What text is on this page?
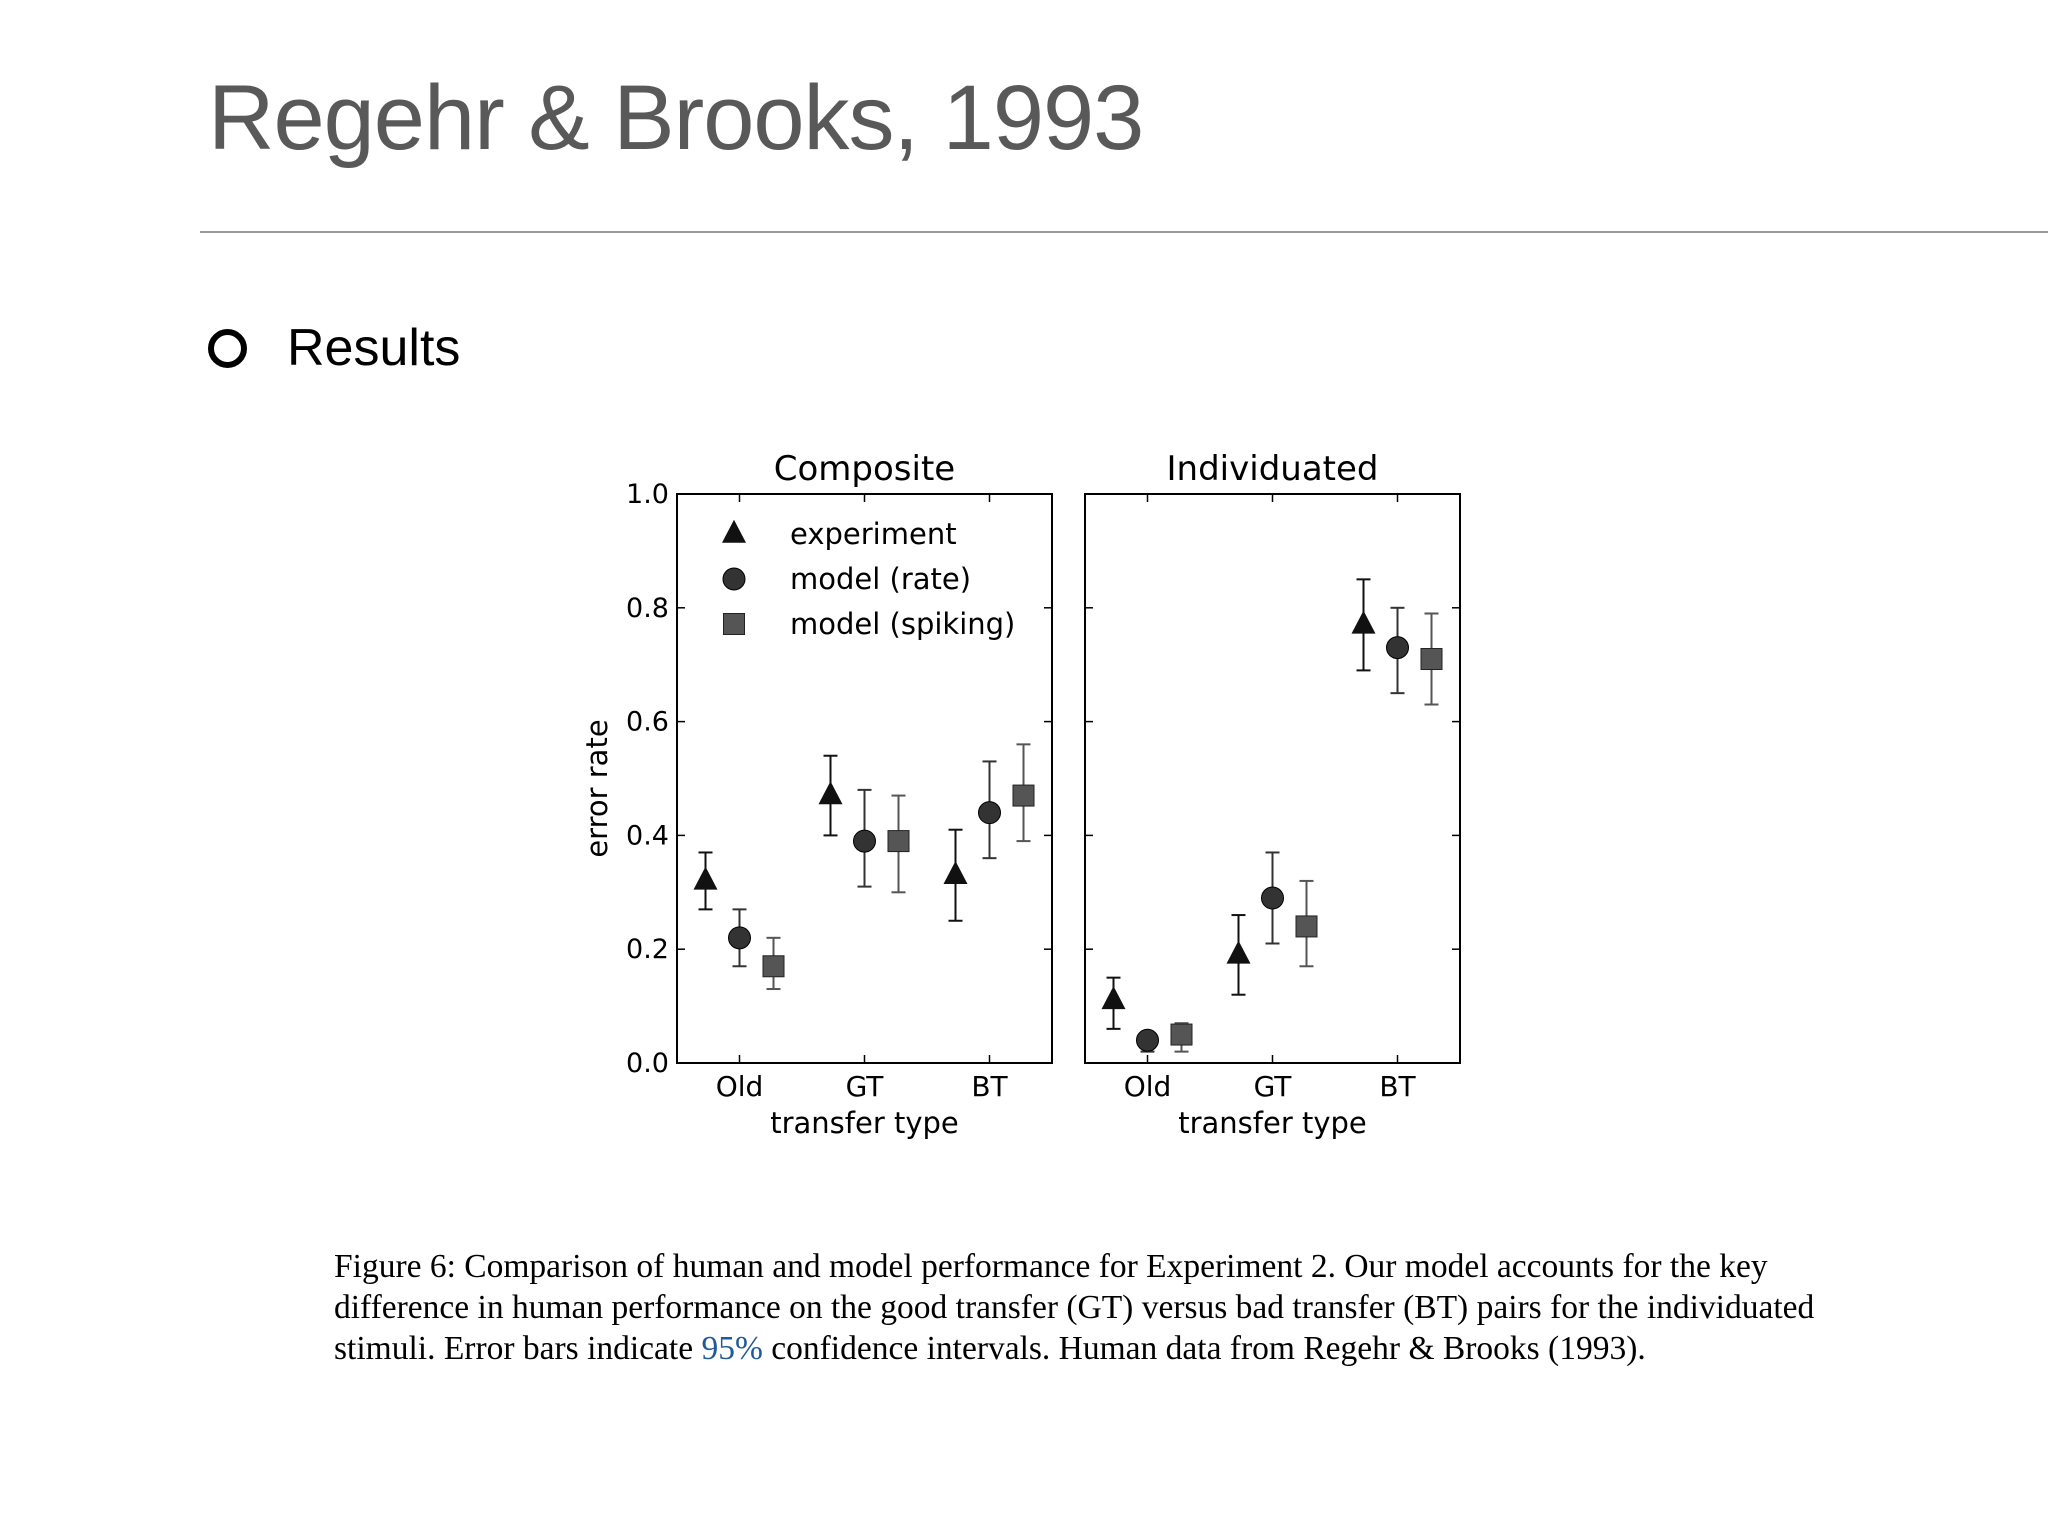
Regehr & Brooks, 1993
Results
0.0
0.2
0.4
0.6
0.8
1.0
Old	GT	BT
Composite
transfer type
error rate
experiment
model (rate)
model (spiking)
Old	GT	BT
Individuated
transfer type

Figure 6: Comparison of human and model performance for Experiment 2. Our model accounts for the key difference in human performance on the good transfer (GT) versus bad transfer (BT) pairs for the individuated stimuli. Error bars indicate 95% confidence intervals. Human data from Regehr & Brooks (1993).
